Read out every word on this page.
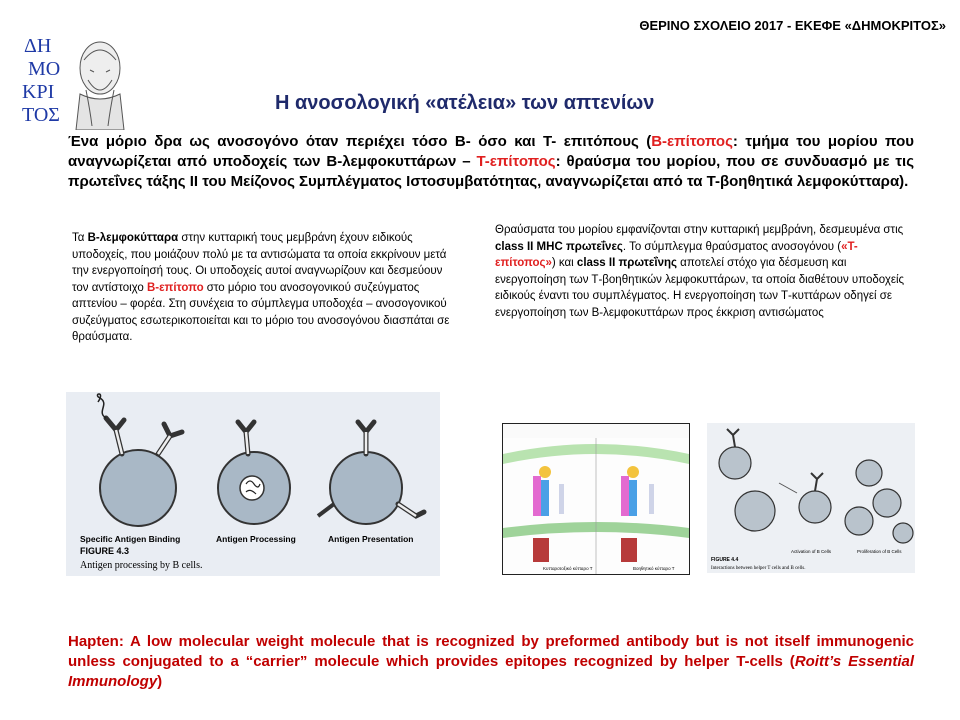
ΘΕΡΙΝΟ ΣΧΟΛΕΙΟ 2017 - ΕΚΕΦΕ «ΔΗΜΟΚΡΙΤΟΣ»
ΔΗ
ΜΟ
ΚΡΙ
ΤΟΣ
Η ανοσολογική «ατέλεια» των απτενίων
Ένα μόριο δρα ως ανοσογόνο όταν περιέχει τόσο Β- όσο και Τ- επιτόπους (Β-επίτοπος: τμήμα του μορίου που αναγνωρίζεται από υποδοχείς των Β-λεμφοκυττάρων – Τ-επίτοπος: θραύσμα του μορίου, που σε συνδυασμό με τις πρωτεΐνες τάξης ΙΙ του Μείζονος Συμπλέγματος Ιστοσυμβατότητας, αναγνωρίζεται από τα Τ-βοηθητικά λεμφοκύτταρα).
Τα Β-λεμφοκύτταρα στην κυτταρική τους μεμβράνη έχουν ειδικούς υποδοχείς, που μοιάζουν πολύ με τα αντισώματα τα οποία εκκρίνουν μετά την ενεργοποίησή τους. Οι υποδοχείς αυτοί αναγνωρίζουν και δεσμεύουν τον αντίστοιχο Β-επίτοπο στο μόριο του ανοσογονικού συζεύγματος απτενίου – φορέα. Στη συνέχεια το σύμπλεγμα υποδοχέα – ανοσογονικού συζεύγματος εσωτερικοποιείται και το μόριο του ανοσογόνου διασπάται σε θραύσματα.
Θραύσματα του μορίου εμφανίζονται στην κυτταρική μεμβράνη, δεσμευμένα στις class II MHC πρωτεΐνες. Το σύμπλεγμα θραύσματος ανοσογόνου («Τ-επίτοπος») και class II πρωτεΐνης αποτελεί στόχο για δέσμευση και ενεργοποίηση των Τ-βοηθητικών λεμφοκυττάρων, τα οποία διαθέτουν υποδοχείς ειδικούς έναντι του συμπλέγματος. Η ενεργοποίηση των Τ-κυττάρων οδηγεί σε ενεργοποίηση των Β-λεμφοκυττάρων προς έκκριση αντισώματος
Specific Antigen Binding	Antigen Processing	Antigen Presentation
FIGURE 4.3
Antigen processing by B cells.	Κυτταροτοξικό κύτταρο Τ	Βοηθητικό κύτταρο Τ
Activation of B Cells	Proliferation of B Cells
FIGURE 4.4
Interactions between helper T cells and B cells.
Hapten: A low molecular weight molecule that is recognized by preformed antibody but is not itself immunogenic unless conjugated to a “carrier” molecule which provides epitopes recognized by helper T-cells (Roitt’s Essential Immunology)
